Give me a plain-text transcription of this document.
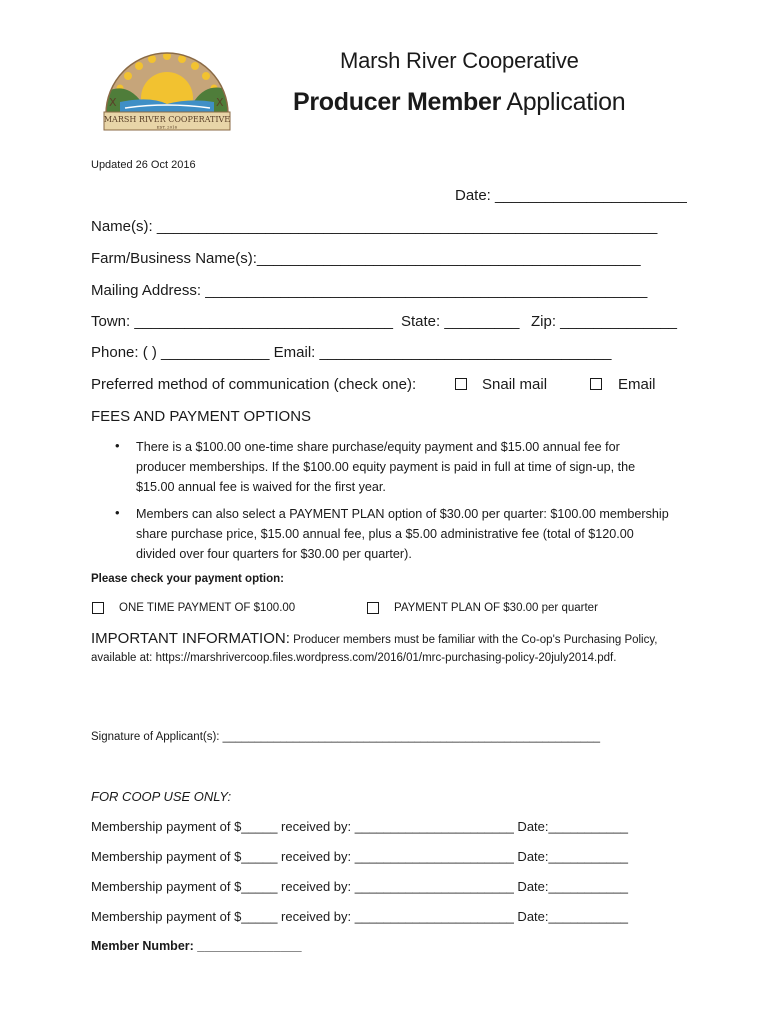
X	X
MARSH RIVER COOPERATIVE
EST. 2016
Marsh River Cooperative
Producer Member Application
Updated 26 Oct 2016
Date: _______________________
Name(s): ____________________________________________________________
Farm/Business Name(s):______________________________________________
Mailing Address: _____________________________________________________
Town: _______________________________ State: _________ Zip: ______________
Phone: ( ) _____________ Email: ___________________________________
Preferred method of communication (check one):	Snail mail	Email
FEES AND PAYMENT OPTIONS
• There is a $100.00 one-time share purchase/equity payment and $15.00 annual fee for producer memberships. If the $100.00 equity payment is paid in full at time of sign-up, the $15.00 annual fee is waived for the first year.
• Members can also select a PAYMENT PLAN option of $30.00 per quarter: $100.00 membership share purchase price, $15.00 annual fee, plus a $5.00 administrative fee (total of $120.00 divided over four quarters for $30.00 per quarter).
Please check your payment option:
ONE TIME PAYMENT OF $100.00	PAYMENT PLAN OF $30.00 per quarter
IMPORTANT INFORMATION: Producer members must be familiar with the Co-op's Purchasing Policy, available at: https://marshrivercoop.files.wordpress.com/2016/01/mrc-purchasing-policy-20july2014.pdf.
Signature of Applicant(s): ___________________________________________________________
FOR COOP USE ONLY:
Membership payment of $_____ received by: ______________________ Date:___________
Membership payment of $_____ received by: ______________________ Date:___________
Membership payment of $_____ received by: ______________________ Date:___________
Membership payment of $_____ received by: ______________________ Date:___________
Member Number: _______________
